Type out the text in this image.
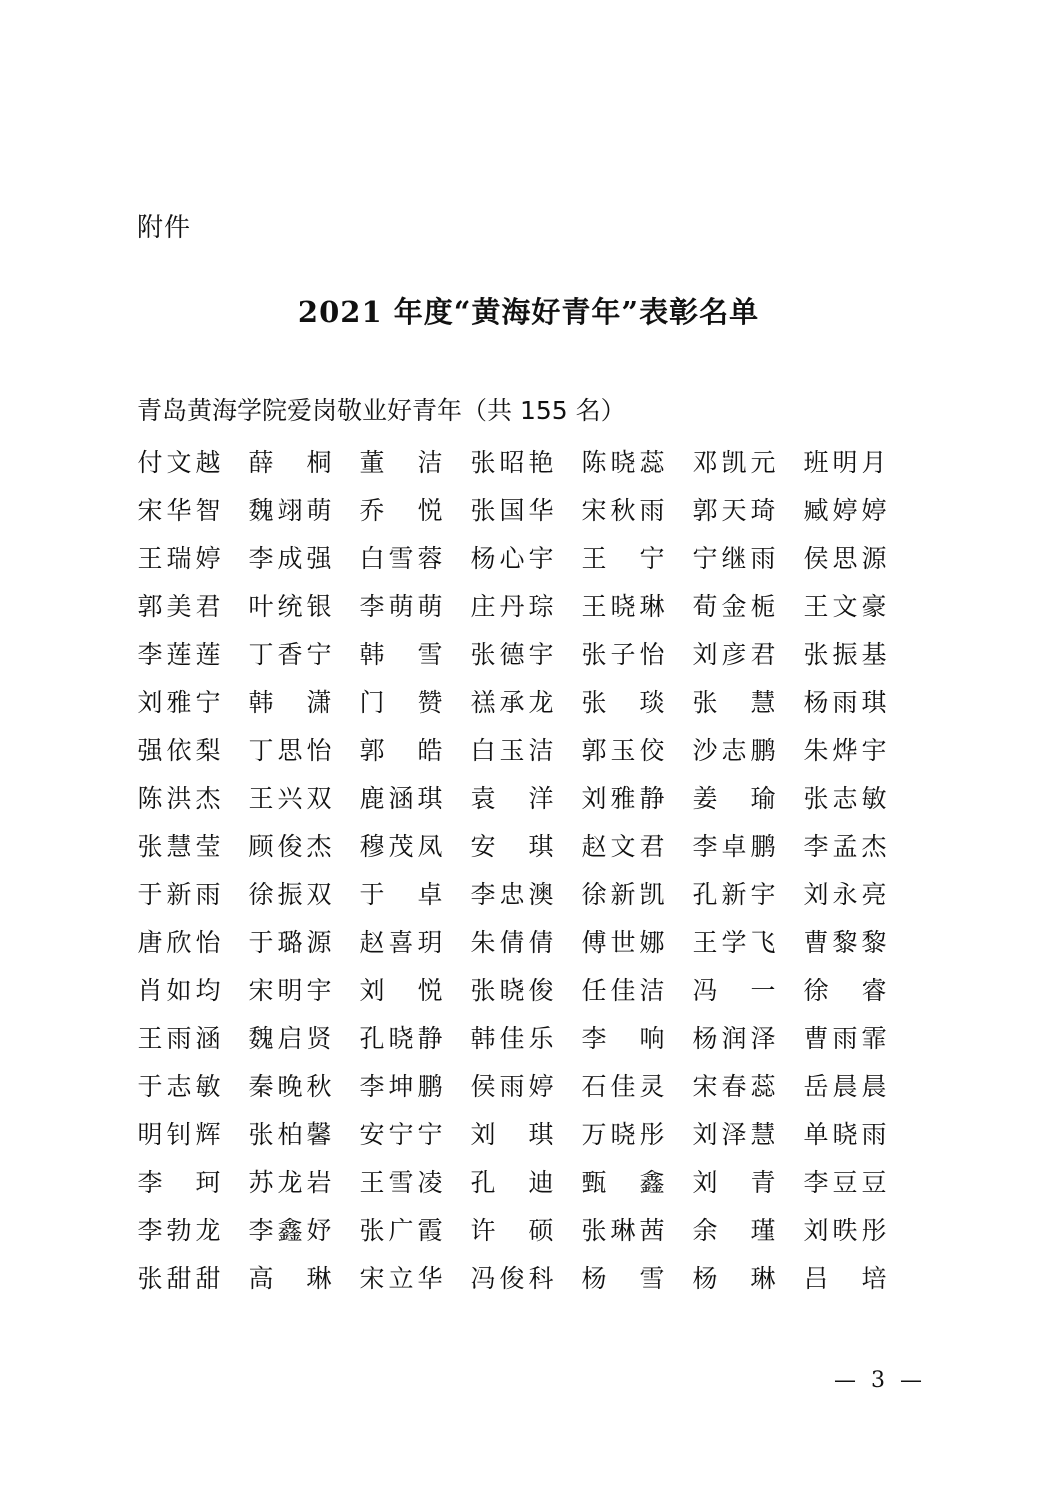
附件
2021 年度“黄海好青年”表彰名单
青岛黄海学院爱岗敬业好青年（共 155 名）
付 文 越 薛 桐 董 洁 张 昭 艳 陈 晓 蕊 邓 凯 元 班 明 月
宋 华 智 魏 翊 萌 乔 悦 张 国 华 宋 秋 雨 郭 天 琦 臧 婷 婷
王 瑞 婷 李 成 强 白 雪 蓉 杨 心 宇 王 宁 宁 继 雨 侯 思 源
郭 美 君 叶 统 银 李 萌 萌 庄 丹 琮 王 晓 琳 荀 金 栀 王 文 豪
李 莲 莲 丁 香 宁 韩 雪 张 德 宇 张 子 怡 刘 彦 君 张 振 基
刘 雅 宁 韩 潇 门 赞 禚 承 龙 张 琰 张 慧 杨 雨 琪
强 依 梨 丁 思 怡 郭 皓 白 玉 洁 郭 玉 佼 沙 志 鹏 朱 烨 宇
陈 洪 杰 王 兴 双 鹿 涵 琪 袁 洋 刘 雅 静 姜 瑜 张 志 敏
张 慧 莹 顾 俊 杰 穆 茂 凤 安 琪 赵 文 君 李 卓 鹏 李 孟 杰
于 新 雨 徐 振 双 于 卓 李 忠 澳 徐 新 凯 孔 新 宇 刘 永 亮
唐 欣 怡 于 璐 源 赵 喜 玥 朱 倩 倩 傅 世 娜 王 学 飞 曹 黎 黎
肖 如 均 宋 明 宇 刘 悦 张 晓 俊 任 佳 洁 冯 一 徐 睿
王 雨 涵 魏 启 贤 孔 晓 静 韩 佳 乐 李 响 杨 润 泽 曹 雨 霏
于 志 敏 秦 晚 秋 李 坤 鹏 侯 雨 婷 石 佳 灵 宋 春 蕊 岳 晨 晨
明 钊 辉 张 柏 馨 安 宁 宁 刘 琪 万 晓 彤 刘 泽 慧 单 晓 雨
李 珂 苏 龙 岩 王 雪 凌 孔 迪 甄 鑫 刘 青 李 豆 豆
李 勃 龙 李 鑫 妤 张 广 霞 许 硕 张 琳 茜 余 瑾 刘 昳 彤
张 甜 甜 高 琳 宋 立 华 冯 俊 科 杨 雪 杨 琳 吕 培
— 3 —
